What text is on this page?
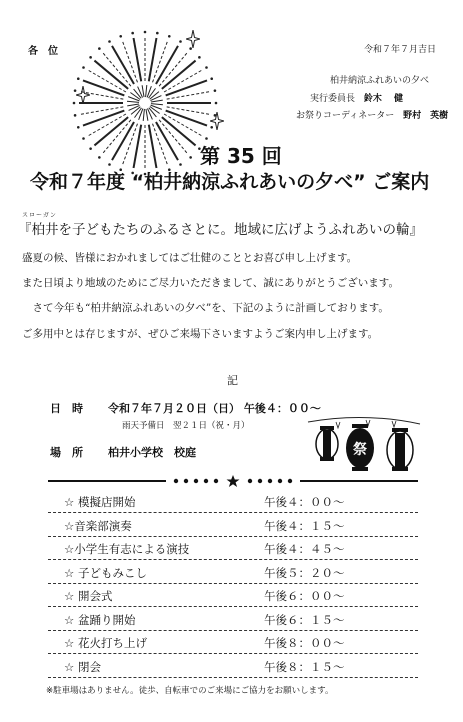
各　位	令和７年７月吉日
柏井納涼ふれあいの夕べ
実行委員長 鈴木　 健
お祭りコーディネーター 野村　英樹
第 35 回
令和７年度 “柏井納涼ふれあいの夕べ” ご案内
スローガン
『柏井を子どもたちのふるさとに。地域に広げようふれあいの輪』
盛夏の候、皆様におかれましてはご壮健のこととお喜び申し上げます。
また日頃より地域のためにご尽力いただきまして、誠にありがとうございます。
　さて今年も“柏井納涼ふれあいの夕べ”を、下記のように計画しております。
ご多用中とは存じますが、ぜひご来場下さいますようご案内申し上げます。
記
日　時 令和７年７月２０日（日） 午後４：００～
雨天予備日　翌２１日（祝・月）
場　所 柏井小学校　校庭	祭
☆ 模擬店開始	午後４：００～
☆音楽部演奏	午後４：１５～
☆小学生有志による演技	午後４：４５～
☆ 子どもみこし	午後５：２０～
☆ 開会式	午後６：００～
☆ 盆踊り開始	午後６：１５～
☆ 花火打ち上げ	午後８：００～
☆ 閉会	午後８：１５～
※駐車場はありません。徒歩、自転車でのご来場にご協力をお願いします。
